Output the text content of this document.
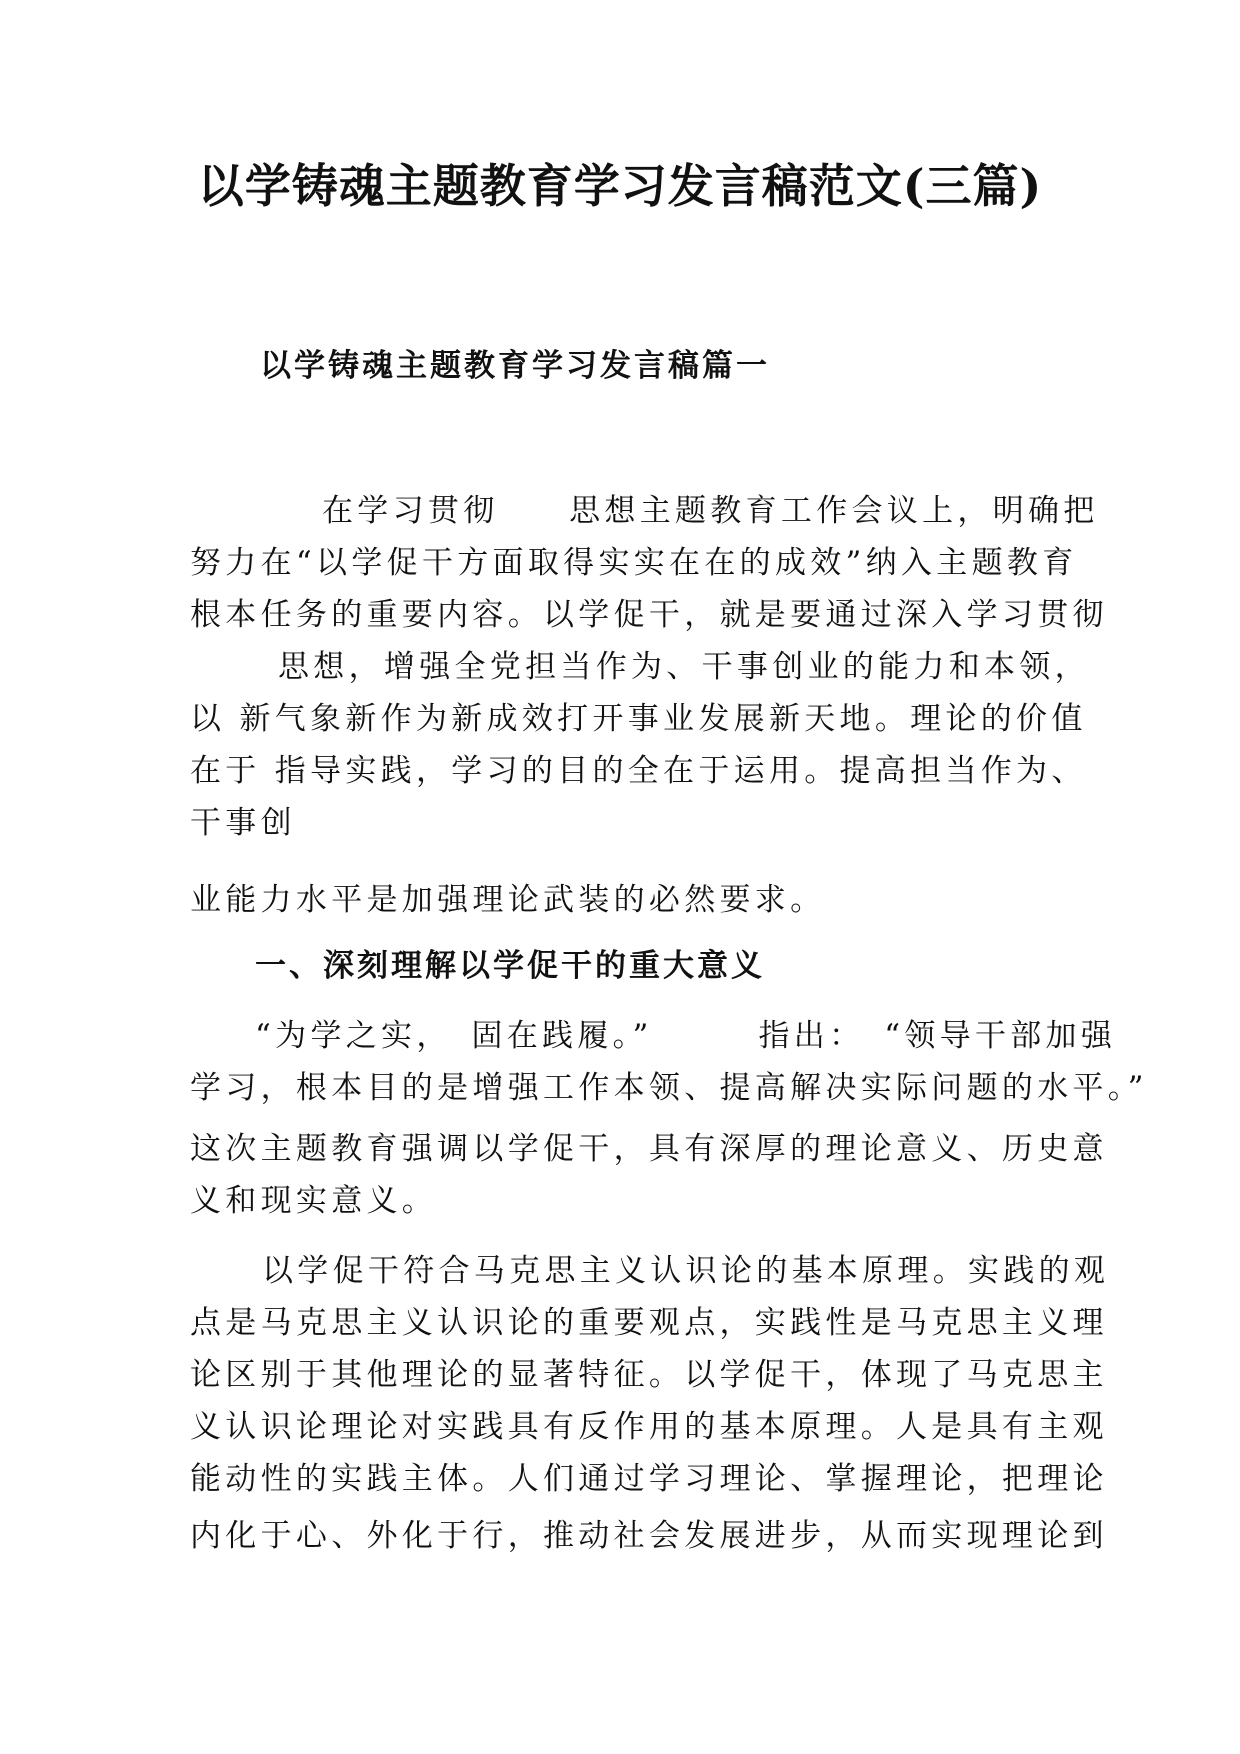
以学铸魂主题教育学习发言稿范文(三篇)
以学铸魂主题教育学习发言稿篇一

在学习贯彻　　思想主题教育工作会议上，明确把

努力在“以学促干方面取得实实在在的成效”纳入主题教育

根本任务的重要内容。以学促干，就是要通过深入学习贯彻

思想，增强全党担当作为、干事创业的能力和本领，

以 新气象新作为新成效打开事业发展新天地。理论的价值

在于 指导实践，学习的目的全在于运用。提高担当作为、

干事创

业能力水平是加强理论武装的必然要求。

一、深刻理解以学促干的重大意义

“为学之实，　固在践履。”　　　指出：　“领导干部加强

学习，根本目的是增强工作本领、提高解决实际问题的水平。”

这次主题教育强调以学促干，具有深厚的理论意义、历史意

义和现实意义。

以学促干符合马克思主义认识论的基本原理。实践的观

点是马克思主义认识论的重要观点，实践性是马克思主义理

论区别于其他理论的显著特征。以学促干，体现了马克思主

义认识论理论对实践具有反作用的基本原理。人是具有主观

能动性的实践主体。人们通过学习理论、掌握理论，把理论

内化于心、外化于行，推动社会发展进步，从而实现理论到
